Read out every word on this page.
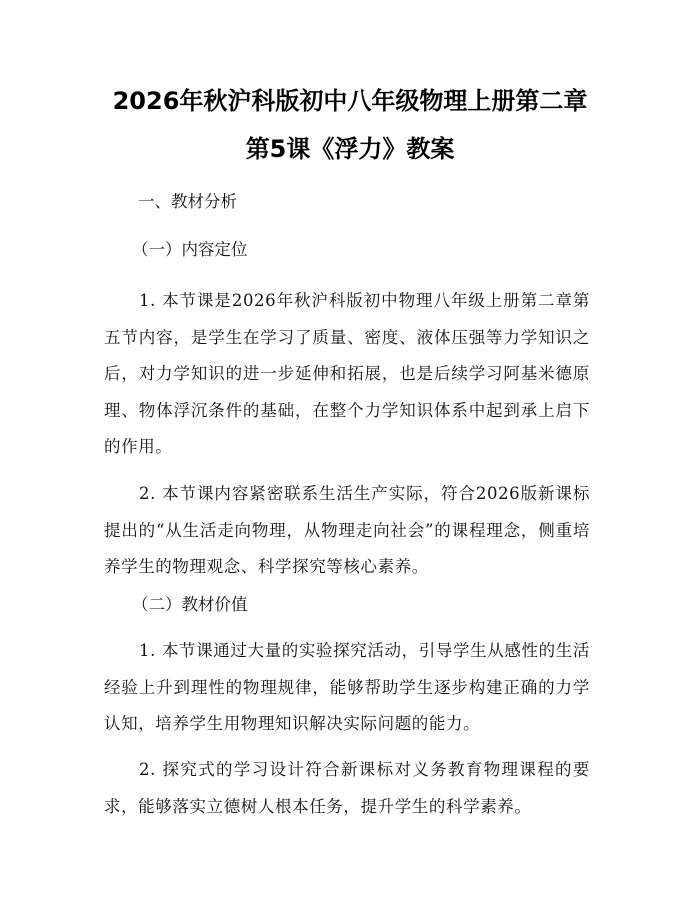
2026年秋沪科版初中八年级物理上册第二章
第5课《浮力》教案
一、教材分析
（一）内容定位
1. 本节课是2026年秋沪科版初中物理八年级上册第二章第五节内容，是学生在学习了质量、密度、液体压强等力学知识之后，对力学知识的进一步延伸和拓展，也是后续学习阿基米德原理、物体浮沉条件的基础，在整个力学知识体系中起到承上启下的作用。
2. 本节课内容紧密联系生活生产实际，符合2026版新课标提出的“从生活走向物理，从物理走向社会”的课程理念，侧重培养学生的物理观念、科学探究等核心素养。
（二）教材价值
1. 本节课通过大量的实验探究活动，引导学生从感性的生活经验上升到理性的物理规律，能够帮助学生逐步构建正确的力学认知，培养学生用物理知识解决实际问题的能力。
2. 探究式的学习设计符合新课标对义务教育物理课程的要求，能够落实立德树人根本任务，提升学生的科学素养。
